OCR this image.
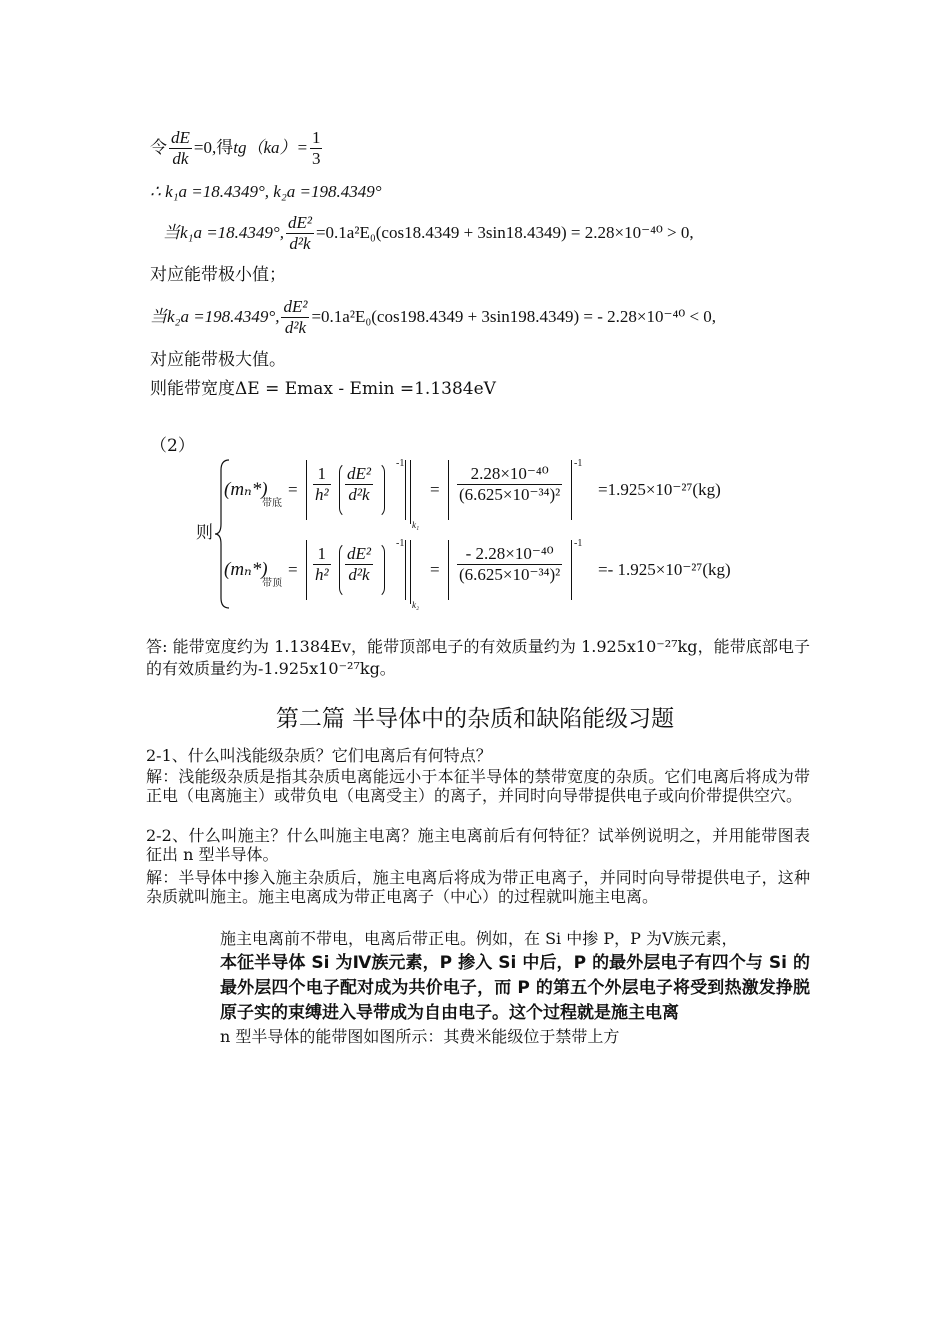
令 $\frac{dE}{dk} =0$,得$tg(ka)= \frac{1}{3}$
∴ k₁a =18.4349°, k₂a =198.4349°
当k₁a =18.4349°, $\frac{\text{dE²}}{\text{d²k}} =0.1a^2E_0(\cos 18.4349 + 3\sin 18.4349) = 2.28\times 10^{-40} > 0$,
对应能带极小值；
当k₂a =198.4349°, $\frac{\text{dE²}}{\text{d²k}} =0.1a^2E_0(\cos 198.4349 + 3\sin 198.4349)$ = - 2.28×10⁻⁴⁰ < 0,
对应能带极大值。
则能带宽度ΔE = Emax - Emin =1.1384eV
（2）
则
(mₙ*)
带底
= $\frac{1}{\text{h²}} \frac{\text{dE²}}{\text{d²k}}$
-1
k₁
= $\frac{\text{2.28×10⁻⁴⁰}}{\text{(6.625×10⁻³⁴)²}}$
-1
=1.925×10⁻²⁷(kg)
(mₙ*)
带顶
= $\frac{1}{\text{h²}} \frac{\text{dE²}}{\text{d²k}}$
-1
k₂
= $\frac{\text{- 2.28×10⁻⁴⁰}}{\text{(6.625×10⁻³⁴)²}}$
-1
=- 1.925×10⁻²⁷(kg)
答: 能带宽度约为 1.1384Ev，能带顶部电子的有效质量约为 1.925x10⁻²⁷kg，能带底部电子的有效质量约为-1.925x10⁻²⁷kg。
第二篇 半导体中的杂质和缺陷能级习题
2-1、什么叫浅能级杂质？它们电离后有何特点？
解：浅能级杂质是指其杂质电离能远小于本征半导体的禁带宽度的杂质。它们电离后将成为带正电（电离施主）或带负电（电离受主）的离子，并同时向导带提供电子或向价带提供空穴。
2-2、什么叫施主？什么叫施主电离？施主电离前后有何特征？试举例说明之，并用能带图表征出 n 型半导体。
解：半导体中掺入施主杂质后，施主电离后将成为带正电离子，并同时向导带提供电子，这种杂质就叫施主。施主电离成为带正电离子（中心）的过程就叫施主电离。
施主电离前不带电，电离后带正电。例如，在 Si 中掺 P，P 为Ⅴ族元素，
本征半导体 Si 为Ⅳ族元素，P 掺入 Si 中后，P 的最外层电子有四个与 Si 的最外层四个电子配对成为共价电子，而 P 的第五个外层电子将受到热激发挣脱原子实的束缚进入导带成为自由电子。这个过程就是施主电离
n 型半导体的能带图如图所示：其费米能级位于禁带上方
